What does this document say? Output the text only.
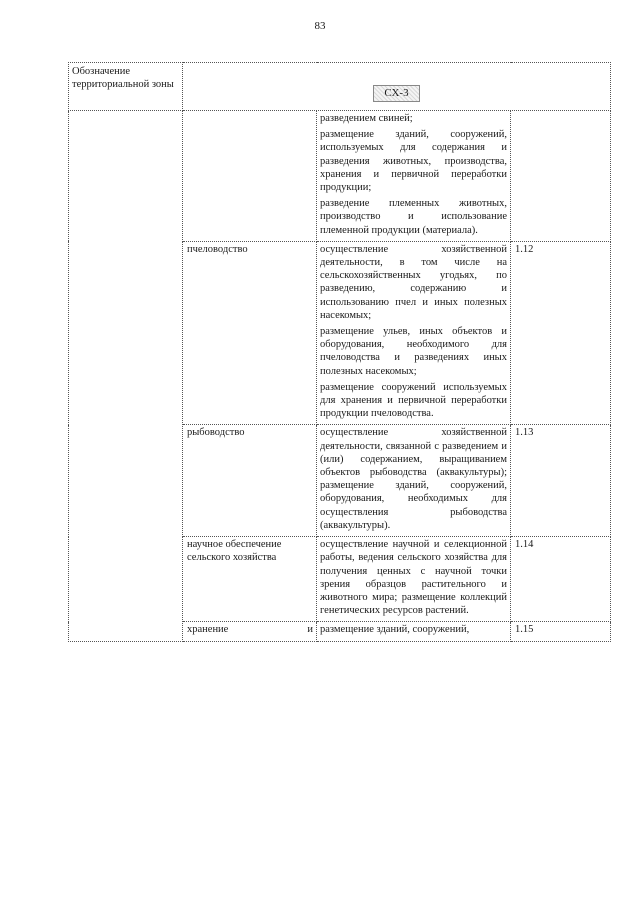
83
Обозначение территориальной зоны	СХ-3		

		разведением свиней;

размещение зданий, сооружений, используемых для содержания и разведения животных, производства, хранения и первичной переработки продукции;

разведение племенных животных, производство и использование племенной продукции (материала).	

	пчеловодство	осуществление хозяйственной деятельности, в том числе на сельскохозяйственных угодьях, по разведению, содержанию и использованию пчел и иных полезных насекомых;

размещение ульев, иных объектов и оборудования, необходимого для пчеловодства и разведениях иных полезных насекомых;

размещение сооружений используемых для хранения и первичной переработки продукции пчеловодства.	1.12
	рыбоводство	осуществление хозяйственной деятельности, связанной с разведением и (или) содержанием, выращиванием объектов рыбоводства (аквакультуры); размещение зданий, сооружений, оборудования, необходимых для осуществления рыбоводства (аквакультуры).	1.13
	научное обеспечение сельского хозяйства	осуществление научной и селекционной работы, ведения сельского хозяйства для получения ценных с научной точки зрения образцов растительного и животного мира; размещение коллекций генетических ресурсов растений.	1.14

	хранение и	размещение зданий, сооружений,	1.15
